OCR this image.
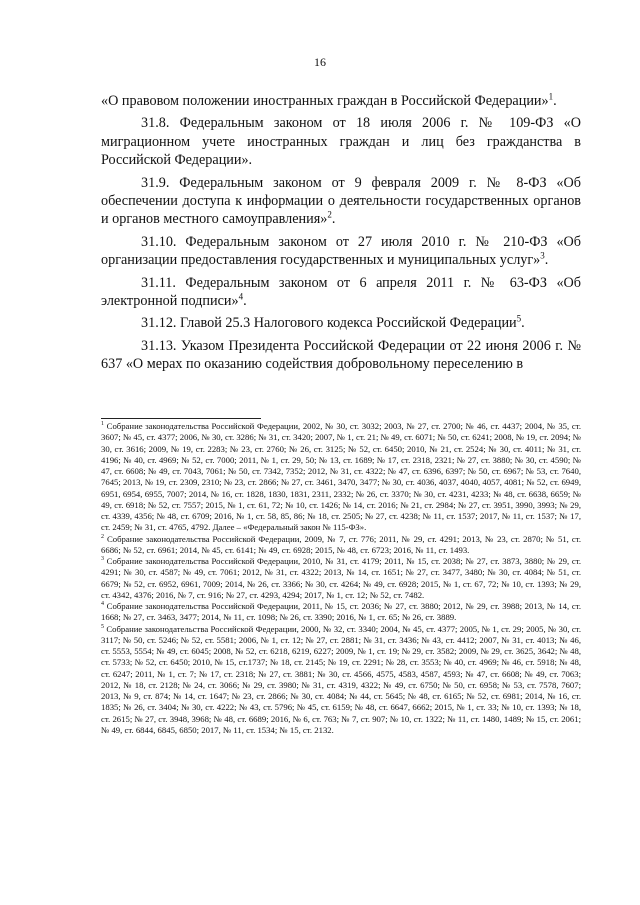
16

«О правовом положении иностранных граждан в Российской Федерации»$^1$.

31.8. Федеральным законом от 18 июля 2006 г. № 109-ФЗ «О миграционном учете иностранных граждан и лиц без гражданства в Российской Федерации».

31.9. Федеральным законом от 9 февраля 2009 г. № 8-ФЗ «Об обеспечении доступа к информации о деятельности государственных органов и органов местного самоуправления»$^2$.

31.10. Федеральным законом от 27 июля 2010 г. № 210-ФЗ «Об организации предоставления государственных и муниципальных услуг»$^3$.

31.11. Федеральным законом от 6 апреля 2011 г. № 63-ФЗ «Об электронной подписи»$^4$.

31.12. Главой 25.3 Налогового кодекса Российской Федерации$^5$.

31.13. Указом Президента Российской Федерации от 22 июня 2006 г. № 637 «О мерах по оказанию содействия добровольному переселению в

$^1$ Собрание законодательства Российской Федерации, 2002, № 30, ст. 3032; 2003, № 27, ст. 2700; № 46, ст. 4437; 2004, № 35, ст. 3607; № 45, ст. 4377; 2006, № 30, ст. 3286; № 31, ст. 3420; 2007, № 1, ст. 21; № 49, ст. 6071; № 50, ст. 6241; 2008, № 19, ст. 2094; № 30, ст. 3616; 2009, № 19, ст. 2283; № 23, ст. 2760; № 26, ст. 3125; № 52, ст. 6450; 2010, № 21, ст. 2524; № 30, ст. 4011; № 31, ст. 4196; № 40, ст. 4969; № 52, ст. 7000; 2011, № 1, ст. 29, 50; № 13, ст. 1689; № 17, ст. 2318, 2321; № 27, ст. 3880; № 30, ст. 4590; № 47, ст. 6608; № 49, ст. 7043, 7061; № 50, ст. 7342, 7352; 2012, № 31, ст. 4322; № 47, ст. 6396, 6397; № 50, ст. 6967; № 53, ст. 7640, 7645; 2013, № 19, ст. 2309, 2310; № 23, ст. 2866; № 27, ст. 3461, 3470, 3477; № 30, ст. 4036, 4037, 4040, 4057, 4081; № 52, ст. 6949, 6951, 6954, 6955, 7007; 2014, № 16, ст. 1828, 1830, 1831, 2311, 2332; № 26, ст. 3370; № 30, ст. 4231, 4233; № 48, ст. 6638, 6659; № 49, ст. 6918; № 52, ст. 7557; 2015, № 1, ст. 61, 72; № 10, ст. 1426; № 14, ст. 2016; № 21, ст. 2984; № 27, ст. 3951, 3990, 3993; № 29, ст. 4339, 4356; № 48, ст. 6709; 2016, № 1, ст. 58, 85, 86; № 18, ст. 2505; № 27, ст. 4238; № 11, ст. 1537; 2017, № 11, ст. 1537; № 17, ст. 2459; № 31, ст. 4765, 4792. Далее – «Федеральный закон № 115-ФЗ».

$^2$ Собрание законодательства Российской Федерации, 2009, № 7, ст. 776; 2011, № 29, ст. 4291; 2013, № 23, ст. 2870; № 51, ст. 6686; № 52, ст. 6961; 2014, № 45, ст. 6141; № 49, ст. 6928; 2015, № 48, ст. 6723; 2016, № 11, ст. 1493.

$^3$ Собрание законодательства Российской Федерации, 2010, № 31, ст. 4179; 2011, № 15, ст. 2038; № 27, ст. 3873, 3880; № 29, ст. 4291; № 30, ст. 4587; № 49, ст. 7061; 2012, № 31, ст. 4322; 2013, № 14, ст. 1651; № 27, ст. 3477, 3480; № 30, ст. 4084; № 51, ст. 6679; № 52, ст. 6952, 6961, 7009; 2014, № 26, ст. 3366; № 30, ст. 4264; № 49, ст. 6928; 2015, № 1, ст. 67, 72; № 10, ст. 1393; № 29, ст. 4342, 4376; 2016, № 7, ст. 916; № 27, ст. 4293, 4294; 2017, № 1, ст. 12; № 52, ст. 7482.

$^4$ Собрание законодательства Российской Федерации, 2011, № 15, ст. 2036; № 27, ст. 3880; 2012, № 29, ст. 3988; 2013, № 14, ст. 1668; № 27, ст. 3463, 3477; 2014, № 11, ст. 1098; № 26, ст. 3390; 2016, № 1, ст. 65; № 26, ст. 3889.

$^5$ Собрание законодательства Российской Федерации, 2000, № 32, ст. 3340; 2004, № 45, ст. 4377; 2005, № 1, ст. 29; 2005, № 30, ст. 3117; № 50, ст. 5246; № 52, ст. 5581; 2006, № 1, ст. 12; № 27, ст. 2881; № 31, ст. 3436; № 43, ст. 4412; 2007, № 31, ст. 4013; № 46, ст. 5553, 5554; № 49, ст. 6045; 2008, № 52, ст. 6218, 6219, 6227; 2009, № 1, ст. 19; № 29, ст. 3582; 2009, № 29, ст. 3625, 3642; № 48, ст. 5733; № 52, ст. 6450; 2010, № 15, ст.1737; № 18, ст. 2145; № 19, ст. 2291; № 28, ст. 3553; № 40, ст. 4969; № 46, ст. 5918; № 48, ст. 6247; 2011, № 1, ст. 7; № 17, ст. 2318; № 27, ст. 3881; № 30, ст. 4566, 4575, 4583, 4587, 4593; № 47, ст. 6608; № 49, ст. 7063; 2012, № 18, ст. 2128; № 24, ст. 3066; № 29, ст. 3980; № 31, ст. 4319, 4322; № 49, ст. 6750; № 50, ст. 6958; № 53, ст. 7578, 7607; 2013, № 9, ст. 874; № 14, ст. 1647; № 23, ст. 2866; № 30, ст. 4084; № 44, ст. 5645; № 48, ст. 6165; № 52, ст. 6981; 2014, № 16, ст. 1835; № 26, ст. 3404; № 30, ст. 4222; № 43, ст. 5796; № 45, ст. 6159; № 48, ст. 6647, 6662; 2015, № 1, ст. 33; № 10, ст. 1393; № 18, ст. 2615; № 27, ст. 3948, 3968; № 48, ст. 6689; 2016, № 6, ст. 763; № 7, ст. 907; № 10, ст. 1322; № 11, ст. 1480, 1489; № 15, ст. 2061; № 49, ст. 6844, 6845, 6850; 2017, № 11, ст. 1534; № 15, ст. 2132.
